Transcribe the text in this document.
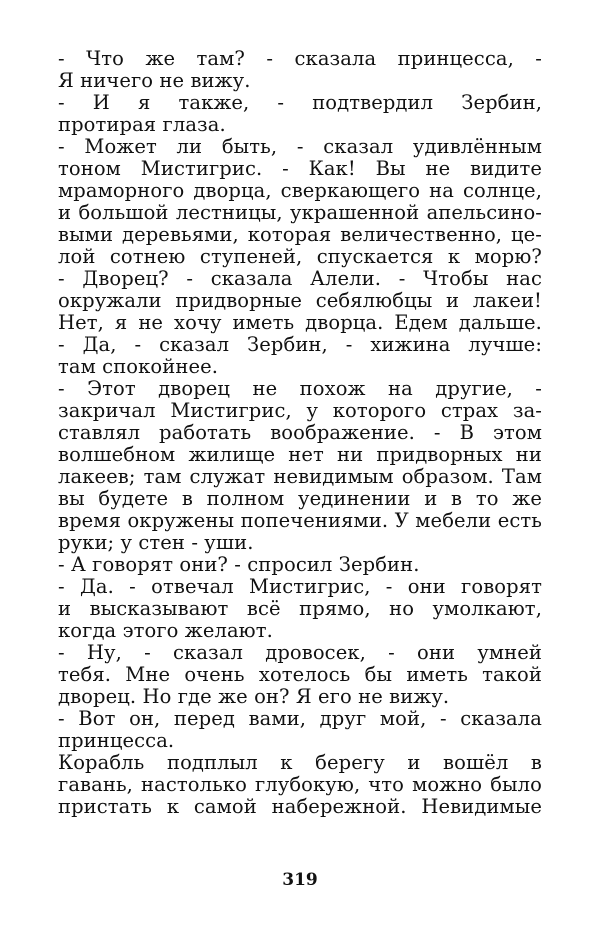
- Что же там? - сказала принцесса, -
Я ничего не вижу.
- И я также, - подтвердил Зербин,
протирая глаза.
- Может ли быть, - сказал удивлённым
тоном Мистигрис. - Как! Вы не видите
мраморного дворца, сверкающего на солнце,
и большой лестницы, украшенной апельсино-
выми деревьями, которая величественно, це-
лой сотнею ступеней, спускается к морю?
- Дворец? - сказала Алели. - Чтобы нас
окружали придворные себялюбцы и лакеи!
Нет, я не хочу иметь дворца. Едем дальше.
- Да, - сказал Зербин, - хижина лучше:
там спокойнее.
- Этот дворец не похож на другие, -
закричал Мистигрис, у которого страх за-
ставлял работать воображение. - В этом
волшебном жилище нет ни придворных ни
лакеев; там служат невидимым образом. Там
вы будете в полном уединении и в то же
время окружены попечениями. У мебели есть
руки; у стен - уши.
- А говорят они? - спросил Зербин.
- Да. - отвечал Мистигрис, - они говорят
и высказывают всё прямо, но умолкают,
когда этого желают.
- Ну, - сказал дровосек, - они умней
тебя. Мне очень хотелось бы иметь такой
дворец. Но где же он? Я его не вижу.
- Вот он, перед вами, друг мой, - сказала
принцесса.
Корабль подплыл к берегу и вошёл в
гавань, настолько глубокую, что можно было
пристать к самой набережной. Невидимые
319
